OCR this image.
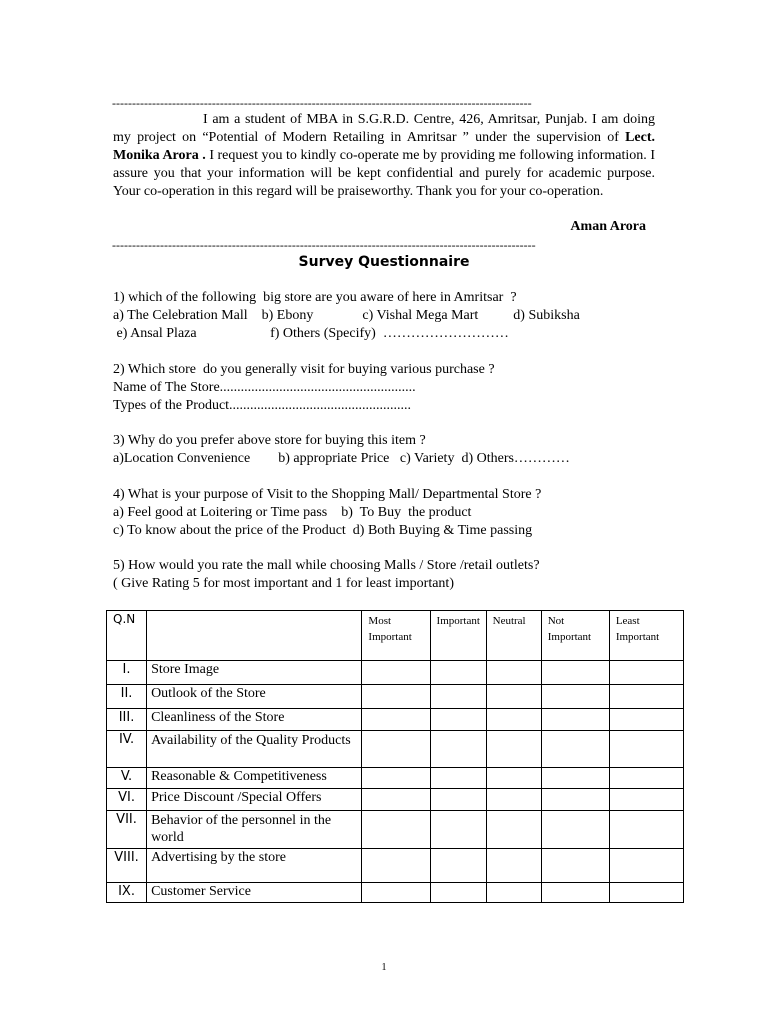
---------------------------------------------------------------------------------------------------------
I am a student of MBA in S.G.R.D. Centre, 426, Amritsar, Punjab. I am doing my project on “Potential of Modern Retailing in Amritsar ” under the supervision of Lect. Monika Arora . I request you to kindly co-operate me by providing me following information. I assure you that your information will be kept confidential and purely for academic purpose. Your co-operation in this regard will be praiseworthy. Thank you for your co-operation.
Aman Arora
----------------------------------------------------------------------------------------------------------
Survey Questionnaire
1) which of the following  big store are you aware of here in Amritsar  ?
a) The Celebration Mall    b) Ebony              c) Vishal Mega Mart          d) Subiksha
e) Ansal Plaza                     f) Others (Specify)  ………………………
2) Which store  do you generally visit for buying various purchase ?
Name of The Store........................................................
Types of the Product....................................................
3) Why do you prefer above store for buying this item ?
a)Location Convenience        b) appropriate Price   c) Variety  d) Others…………
4) What is your purpose of Visit to the Shopping Mall/ Departmental Store ?
a) Feel good at Loitering or Time pass    b)  To Buy  the product
c) To know about the price of the Product  d) Both Buying & Time passing
5) How would you rate the mall while choosing Malls / Store /retail outlets?
( Give Rating 5 for most important and 1 for least important)
Q.N		Most Important	Important	Neutral	Not Important	Least Important
I.	Store Image					
II.	Outlook of the Store					
III.	Cleanliness of the Store					
IV.	Availability of the Quality Products					
V.	Reasonable & Competitiveness					
VI.	Price Discount /Special Offers					
VII.	Behavior of the personnel in the world					
VIII.	Advertising by the store					
IX.	Customer Service					
1
